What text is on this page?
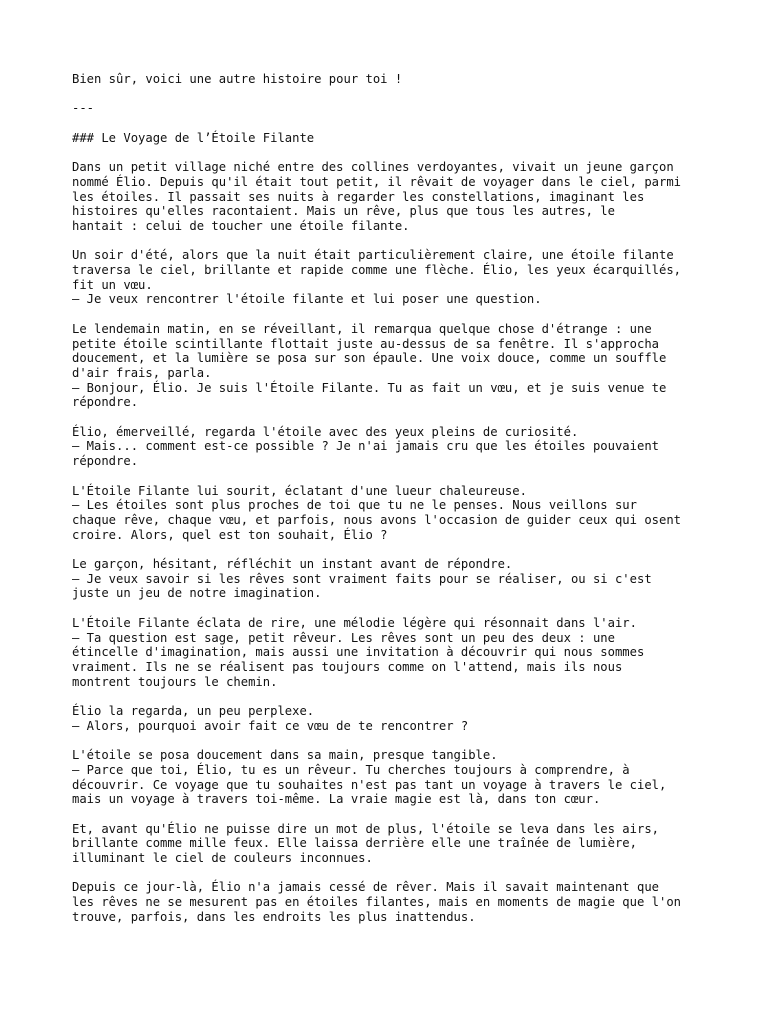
Bien sûr, voici une autre histoire pour toi !

---

### Le Voyage de l’Étoile Filante

Dans un petit village niché entre des collines verdoyantes, vivait un jeune garçon
nommé Élio. Depuis qu'il était tout petit, il rêvait de voyager dans le ciel, parmi
les étoiles. Il passait ses nuits à regarder les constellations, imaginant les
histoires qu'elles racontaient. Mais un rêve, plus que tous les autres, le
hantait : celui de toucher une étoile filante.

Un soir d'été, alors que la nuit était particulièrement claire, une étoile filante
traversa le ciel, brillante et rapide comme une flèche. Élio, les yeux écarquillés,
fit un vœu.
– Je veux rencontrer l'étoile filante et lui poser une question.

Le lendemain matin, en se réveillant, il remarqua quelque chose d'étrange : une
petite étoile scintillante flottait juste au-dessus de sa fenêtre. Il s'approcha
doucement, et la lumière se posa sur son épaule. Une voix douce, comme un souffle
d'air frais, parla.
– Bonjour, Élio. Je suis l'Étoile Filante. Tu as fait un vœu, et je suis venue te
répondre.

Élio, émerveillé, regarda l'étoile avec des yeux pleins de curiosité.
– Mais... comment est-ce possible ? Je n'ai jamais cru que les étoiles pouvaient
répondre.

L'Étoile Filante lui sourit, éclatant d'une lueur chaleureuse.
– Les étoiles sont plus proches de toi que tu ne le penses. Nous veillons sur
chaque rêve, chaque vœu, et parfois, nous avons l'occasion de guider ceux qui osent
croire. Alors, quel est ton souhait, Élio ?

Le garçon, hésitant, réfléchit un instant avant de répondre.
– Je veux savoir si les rêves sont vraiment faits pour se réaliser, ou si c'est
juste un jeu de notre imagination.

L'Étoile Filante éclata de rire, une mélodie légère qui résonnait dans l'air.
– Ta question est sage, petit rêveur. Les rêves sont un peu des deux : une
étincelle d'imagination, mais aussi une invitation à découvrir qui nous sommes
vraiment. Ils ne se réalisent pas toujours comme on l'attend, mais ils nous
montrent toujours le chemin.

Élio la regarda, un peu perplexe.
– Alors, pourquoi avoir fait ce vœu de te rencontrer ?

L'étoile se posa doucement dans sa main, presque tangible.
– Parce que toi, Élio, tu es un rêveur. Tu cherches toujours à comprendre, à
découvrir. Ce voyage que tu souhaites n'est pas tant un voyage à travers le ciel,
mais un voyage à travers toi-même. La vraie magie est là, dans ton cœur.

Et, avant qu'Élio ne puisse dire un mot de plus, l'étoile se leva dans les airs,
brillante comme mille feux. Elle laissa derrière elle une traînée de lumière,
illuminant le ciel de couleurs inconnues.

Depuis ce jour-là, Élio n'a jamais cessé de rêver. Mais il savait maintenant que
les rêves ne se mesurent pas en étoiles filantes, mais en moments de magie que l'on
trouve, parfois, dans les endroits les plus inattendus.
